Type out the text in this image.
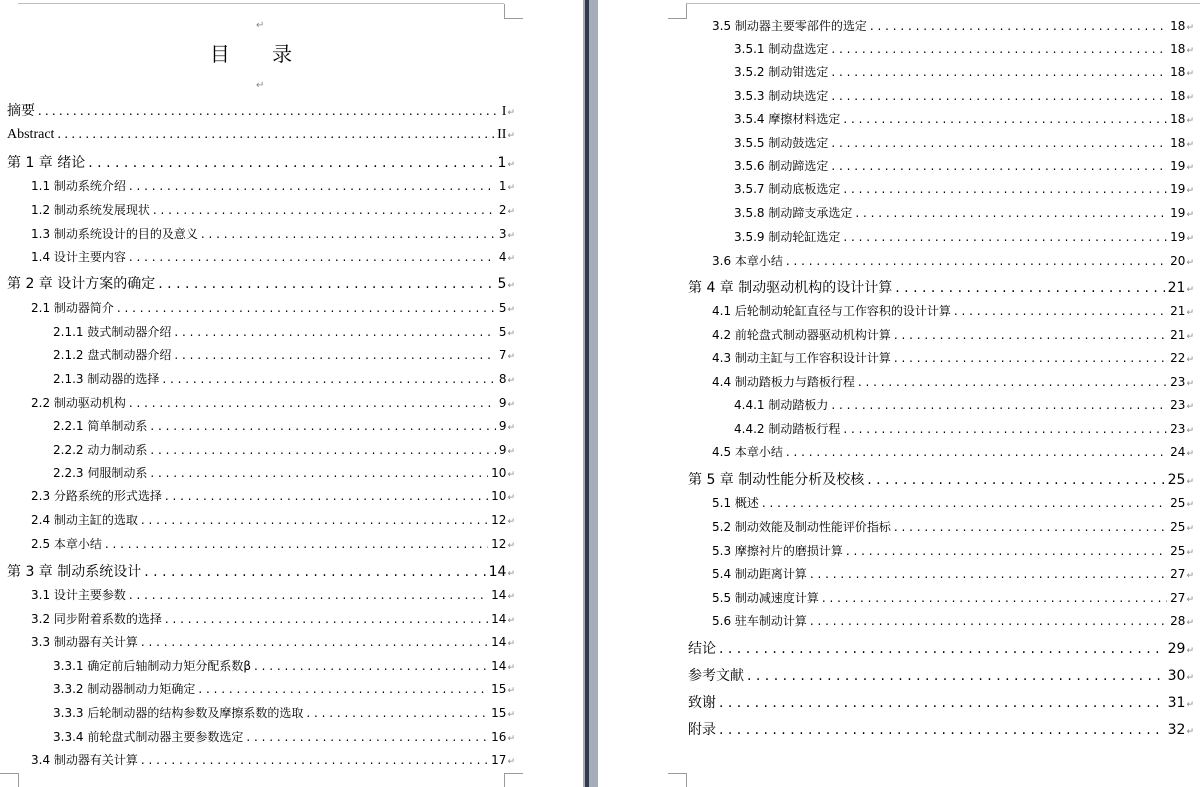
↵
目 录
↵
摘要 . . .	I ↵
Abstract . . .	II ↵
第 1 章 绪论 . . .	1 ↵
1.1 制动系统介绍 . . .	1 ↵
1.2 制动系统发展现状 . . .	2 ↵
1.3 制动系统设计的目的及意义 . . .	3 ↵
1.4 设计主要内容 . . .	4 ↵
第 2 章 设计方案的确定 . . .	5 ↵
2.1 制动器简介 . . .	5 ↵
2.1.1 鼓式制动器介绍 . . .	5 ↵
2.1.2 盘式制动器介绍 . . .	7 ↵
2.1.3 制动器的选择 . . .	8 ↵
2.2 制动驱动机构 . . .	9 ↵
2.2.1 简单制动系 . . .	9 ↵
2.2.2 动力制动系 . . .	9 ↵
2.2.3 伺服制动系 . . .	10 ↵
2.3 分路系统的形式选择 . . .	10 ↵
2.4 制动主缸的选取 . . .	12 ↵
2.5 本章小结 . . .	12 ↵
第 3 章 制动系统设计 . . .	14 ↵
3.1 设计主要参数 . . .	14 ↵
3.2 同步附着系数的选择 . . .	14 ↵
3.3 制动器有关计算 . . .	14 ↵
3.3.1 确定前后轴制动力矩分配系数β . . .	14 ↵
3.3.2 制动器制动力矩确定 . . .	15 ↵
3.3.3 后轮制动器的结构参数及摩擦系数的选取 . . .	15 ↵
3.3.4 前轮盘式制动器主要参数选定 . . .	16 ↵
3.4 制动器有关计算 . . .	17 ↵
3.5 制动器主要零部件的选定 . . .	18 ↵
3.5.1 制动盘选定 . . .	18 ↵
3.5.2 制动钳选定 . . .	18 ↵
3.5.3 制动块选定 . . .	18 ↵
3.5.4 摩擦材料选定 . . .	18 ↵
3.5.5 制动鼓选定 . . .	18 ↵
3.5.6 制动蹄选定 . . .	19 ↵
3.5.7 制动底板选定 . . .	19 ↵
3.5.8 制动蹄支承选定 . . .	19 ↵
3.5.9 制动轮缸选定 . . .	19 ↵
3.6 本章小结 . . .	20 ↵
第 4 章 制动驱动机构的设计计算 . . .	21 ↵
4.1 后轮制动轮缸直径与工作容积的设计计算 . . .	21 ↵
4.2 前轮盘式制动器驱动机构计算 . . .	21 ↵
4.3 制动主缸与工作容积设计计算 . . .	22 ↵
4.4 制动踏板力与踏板行程 . . .	23 ↵
4.4.1 制动踏板力 . . .	23 ↵
4.4.2 制动踏板行程 . . .	23 ↵
4.5 本章小结 . . .	24 ↵
第 5 章 制动性能分析及校核 . . .	25 ↵
5.1 概述 . . .	25 ↵
5.2 制动效能及制动性能评价指标 . . .	25 ↵
5.3 摩擦衬片的磨损计算 . . .	25 ↵
5.4 制动距离计算 . . .	27 ↵
5.5 制动减速度计算 . . .	27 ↵
5.6 驻车制动计算 . . .	28 ↵
结论 . . .	29 ↵
参考文献 . . .	30 ↵
致谢 . . .	31 ↵
附录 . . .	32 ↵
